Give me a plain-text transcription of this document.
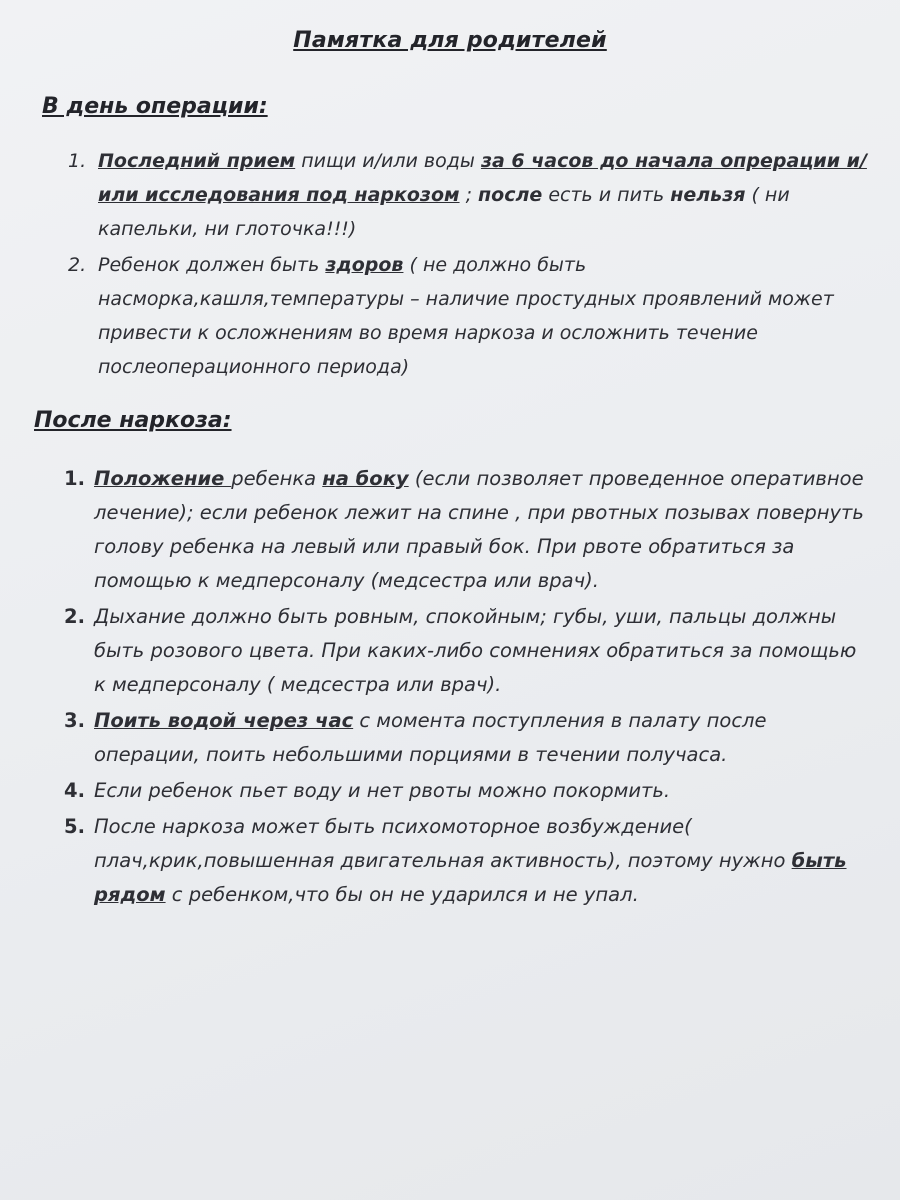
Памятка для родителей
В день операции:
1. Последний прием пищи и/или воды за 6 часов до начала опрерации и/или исследования под наркозом ; после есть и пить нельзя ( ни капельки, ни глоточка!!!)
2. Ребенок должен быть здоров ( не должно быть насморка,кашля,температуры – наличие простудных проявлений может привести к осложнениям во время наркоза и осложнить течение послеоперационного периода)
После наркоза:
1. Положение ребенка на боку (если позволяет проведенное оперативное лечение); если ребенок лежит на спине , при рвотных позывах повернуть голову ребенка на левый или правый бок. При рвоте обратиться за помощью к медперсоналу (медсестра или врач).
2. Дыхание должно быть ровным, спокойным; губы, уши, пальцы должны быть розового цвета. При каких-либо сомнениях обратиться за помощью к медперсоналу ( медсестра или врач).
3. Поить водой через час с момента поступления в палату после операции, поить небольшими порциями в течении получаса.
4. Если ребенок пьет воду и нет рвоты можно покормить.
5. После наркоза может быть психомоторное возбуждение( плач,крик,повышенная двигательная активность), поэтому нужно быть рядом с ребенком,что бы он не ударился и не упал.
